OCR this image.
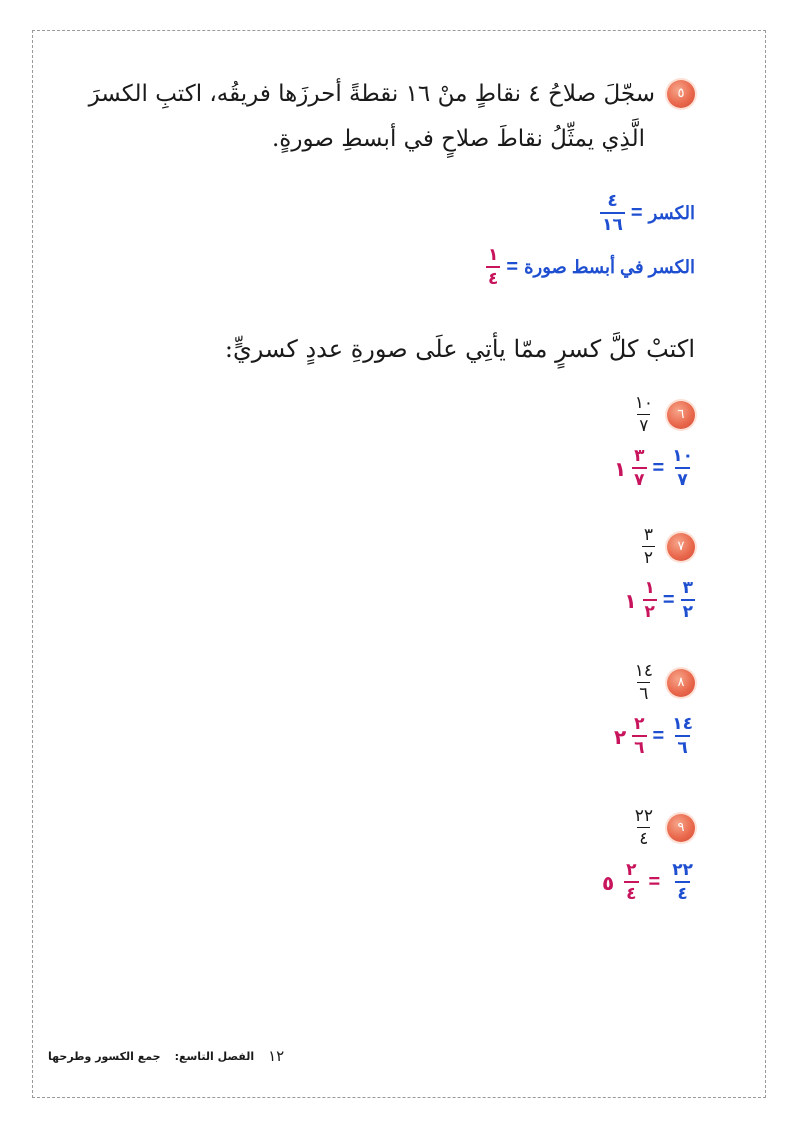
٥
سجّلَ صلاحُ ٤ نقاطٍ منْ ١٦ نقطةً أحرزَها فريقُه، اكتبِ الكسرَ
الَّذِي يمثِّلُ نقاطَ صلاحٍ في أبسطِ صورةٍ.
الكسر
=
$\frac{٤}{١٦}$
الكسر في أبسط صورة
=
$\frac{١}{٤}$
اكتبْ كلَّ كسرٍ ممّا يأتِي علَى صورةِ عددٍ كسريٍّ:
٦
$\frac{١٠}{٧}$
$\frac{١٠}{٧}$
=
$\frac{٣}{٧}$
١
٧
$\frac{٣}{٢}$
$\frac{٣}{٢}$
=
$\frac{١}{٢}$
١
٨
$\frac{١٤}{٦}$
$\frac{١٤}{٦}$
=
$\frac{٢}{٦}$
٢
٩
$\frac{٢٢}{٤}$
$\frac{٢٢}{٤}$
=
$\frac{٢}{٤}$
٥
جمع الكسور وطرحها الفصل التاسع: ١٢
